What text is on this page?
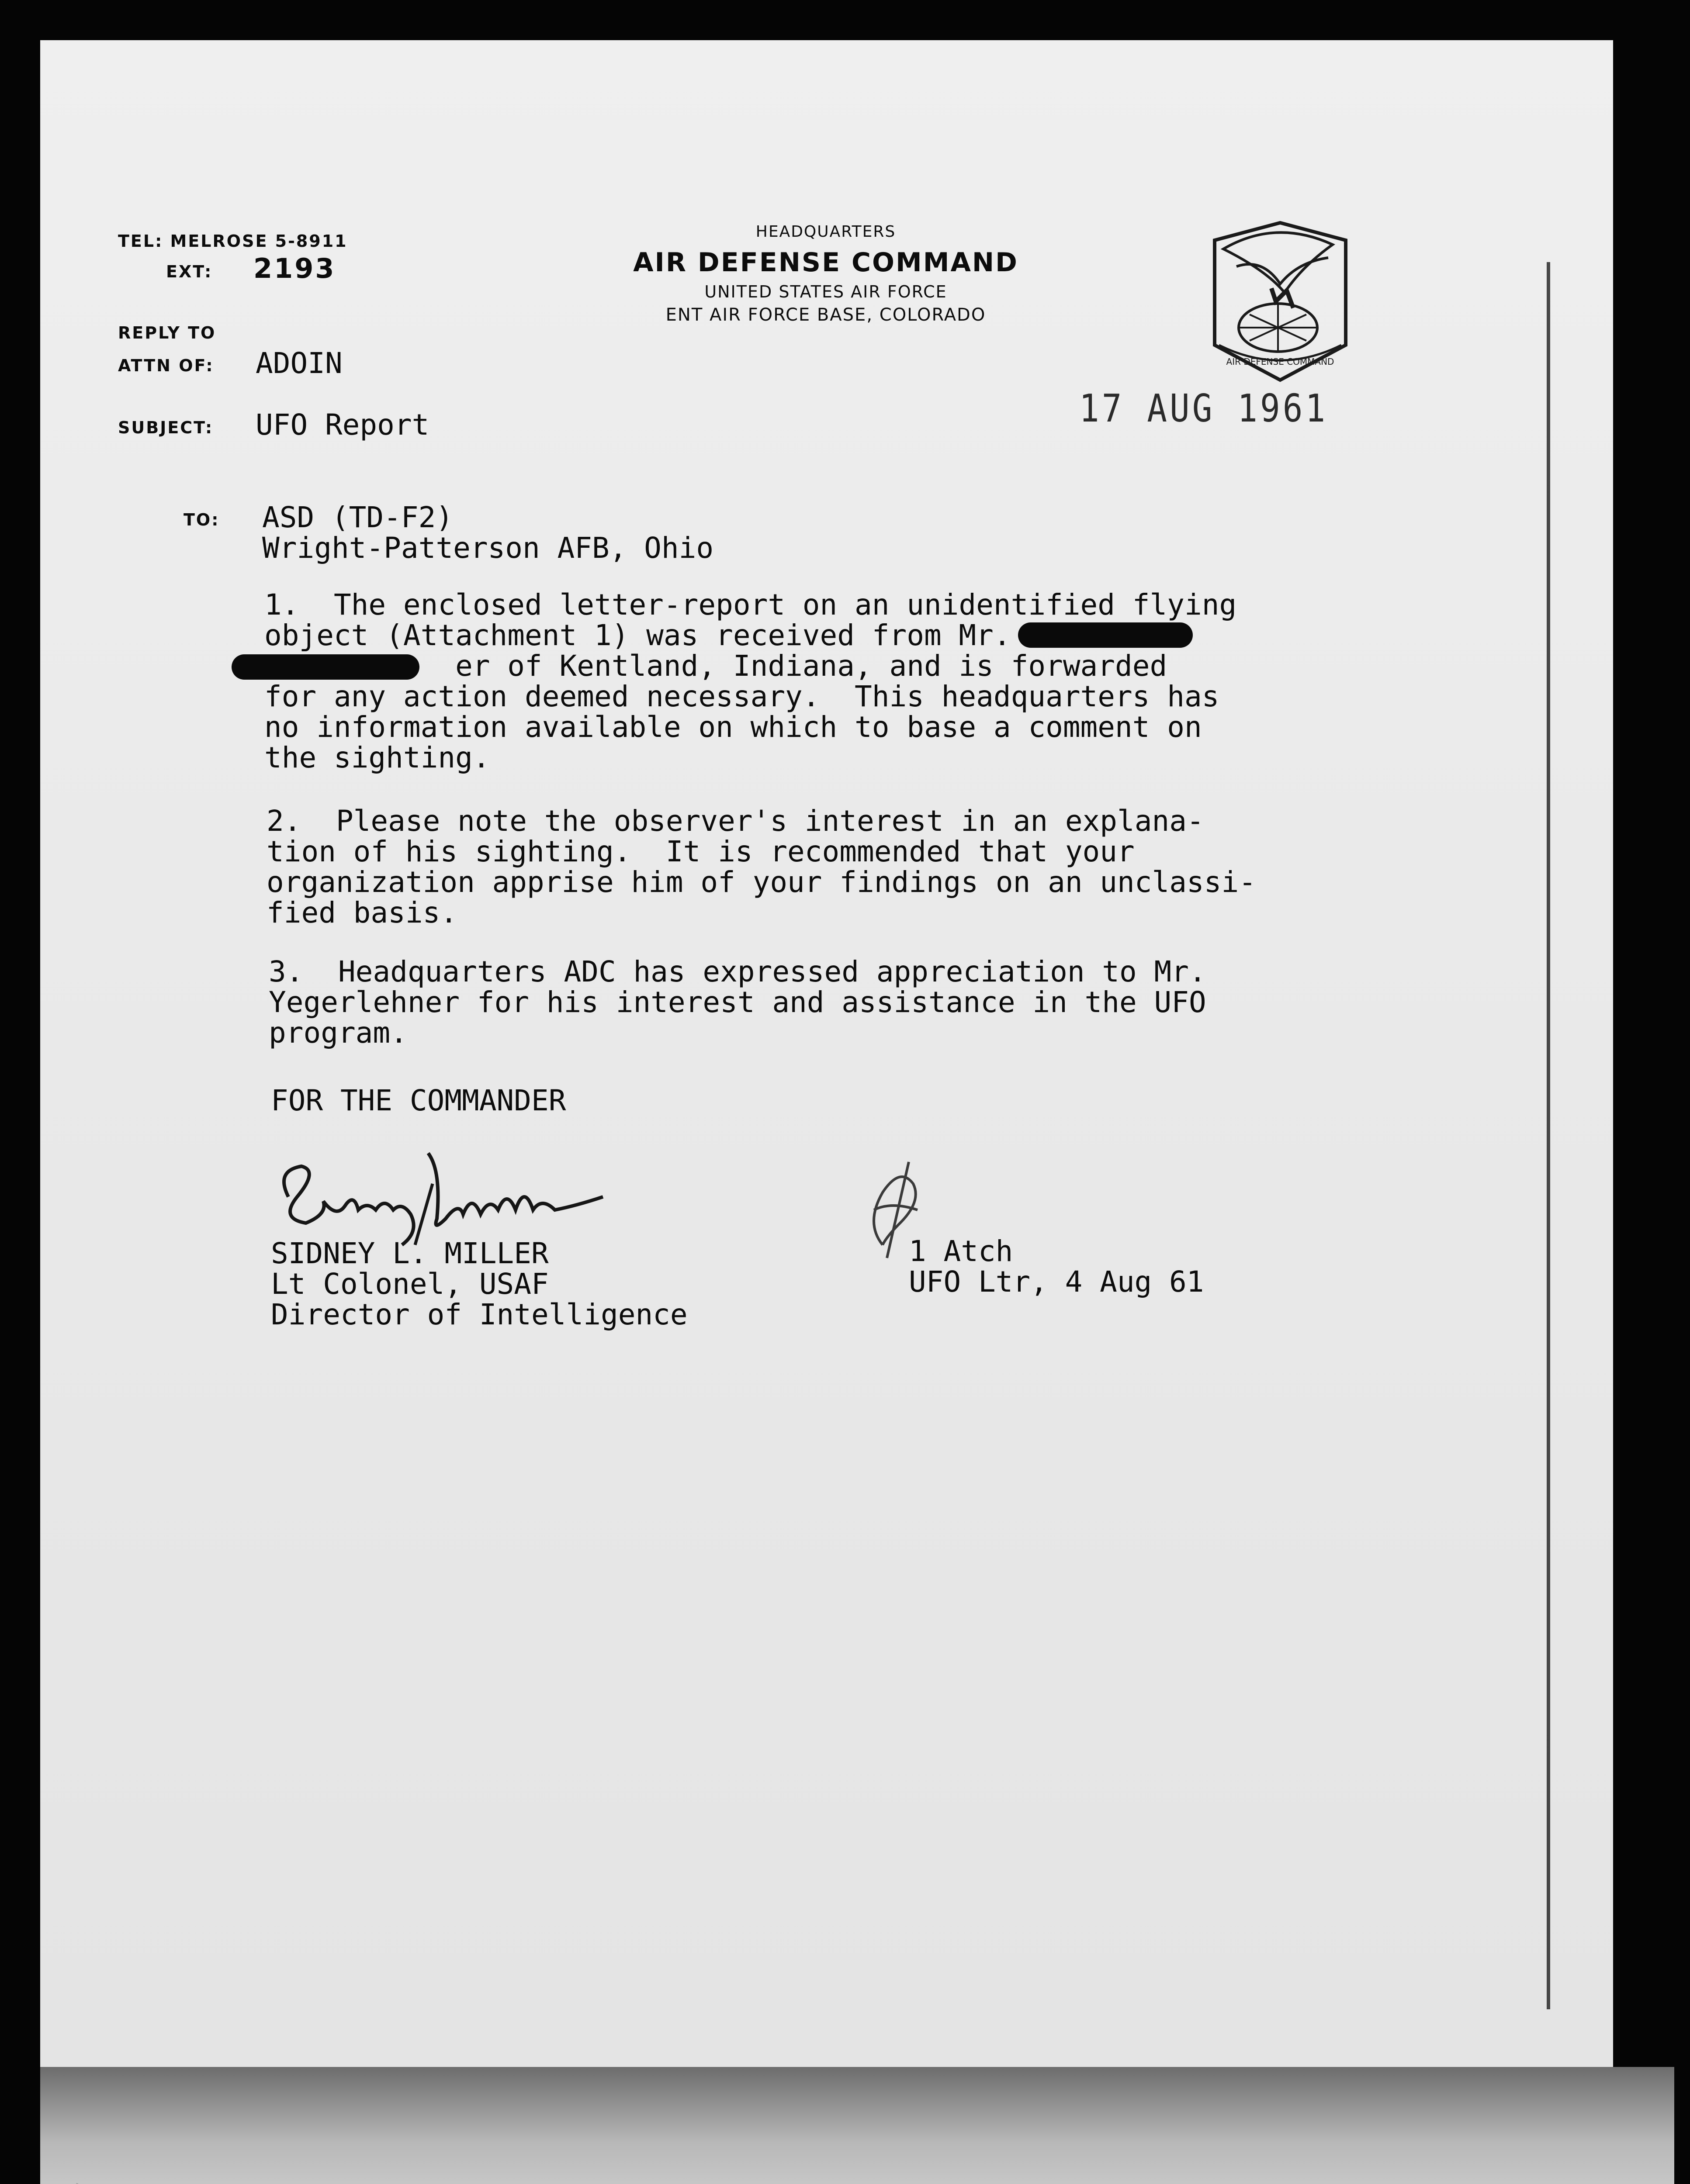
TEL: MELROSE 5-8911

EXT: 2193

REPLY TO

ATTN OF: ADOIN

SUBJECT: UFO Report

TO:

HEADQUARTERS

AIR DEFENSE COMMAND

UNITED STATES AIR FORCE

ENT AIR FORCE BASE, COLORADO

AIR DEFENSE COMMAND

17 AUG 1961

ASD (TD-F2)

Wright-Patterson AFB, Ohio

1.  The enclosed letter-report on an unidentified flying

object (Attachment 1) was received from Mr.

er of Kentland, Indiana, and is forwarded

for any action deemed necessary.  This headquarters has

no information available on which to base a comment on

the sighting.

2.  Please note the observer's interest in an explana-

tion of his sighting.  It is recommended that your

organization apprise him of your findings on an unclassi-

fied basis.

3.  Headquarters ADC has expressed appreciation to Mr.

Yegerlehner for his interest and assistance in the UFO

program.

FOR THE COMMANDER

SIDNEY L. MILLER

Lt Colonel, USAF

Director of Intelligence

1 Atch

UFO Ltr, 4 Aug 61
